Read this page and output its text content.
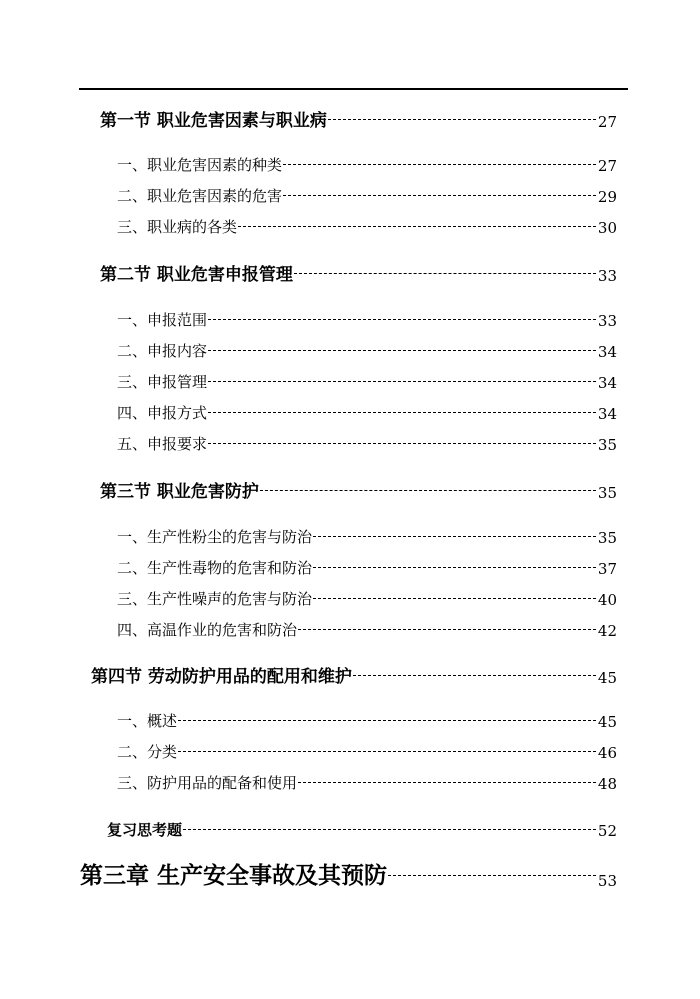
第一节 职业危害因素与职业病	27
一、职业危害因素的种类	27
二、职业危害因素的危害	29
三、职业病的各类	30
第二节 职业危害申报管理	33
一、申报范围	33
二、申报内容	34
三、申报管理	34
四、申报方式	34
五、申报要求	35
第三节 职业危害防护	35
一、生产性粉尘的危害与防治	35
二、生产性毒物的危害和防治	37
三、生产性噪声的危害与防治	40
四、高温作业的危害和防治	42
第四节 劳动防护用品的配用和维护	45
一、概述	45
二、分类	46
三、防护用品的配备和使用	48
复习思考题	52
第三章 生产安全事故及其预防	53
